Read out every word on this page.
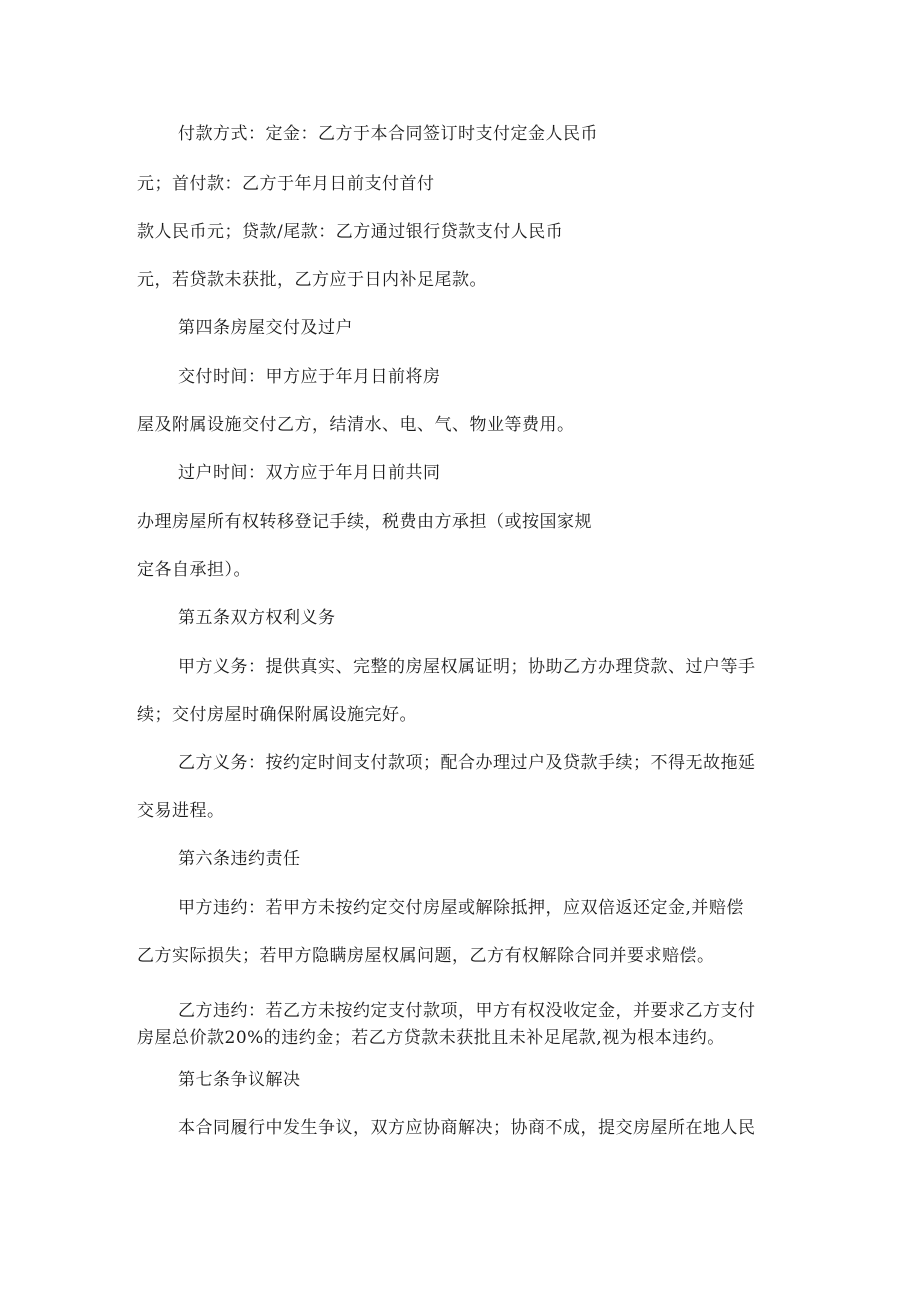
付款方式：定金：乙方于本合同签订时支付定金人民币
元；首付款：乙方于年月日前支付首付
款人民币元；贷款/尾款：乙方通过银行贷款支付人民币
元，若贷款未获批，乙方应于日内补足尾款。
第四条房屋交付及过户
交付时间：甲方应于年月日前将房
屋及附属设施交付乙方，结清水、电、气、物业等费用。
过户时间：双方应于年月日前共同
办理房屋所有权转移登记手续，税费由方承担（或按国家规
定各自承担）。
第五条双方权利义务
甲方义务：提供真实、完整的房屋权属证明；协助乙方办理贷款、过户等手
续；交付房屋时确保附属设施完好。
乙方义务：按约定时间支付款项；配合办理过户及贷款手续；不得无故拖延
交易进程。
第六条违约责任
甲方违约：若甲方未按约定交付房屋或解除抵押，应双倍返还定金,并赔偿
乙方实际损失；若甲方隐瞒房屋权属问题，乙方有权解除合同并要求赔偿。
乙方违约：若乙方未按约定支付款项，甲方有权没收定金，并要求乙方支付
房屋总价款20%的违约金；若乙方贷款未获批且未补足尾款,视为根本违约。
第七条争议解决
本合同履行中发生争议，双方应协商解决；协商不成，提交房屋所在地人民
